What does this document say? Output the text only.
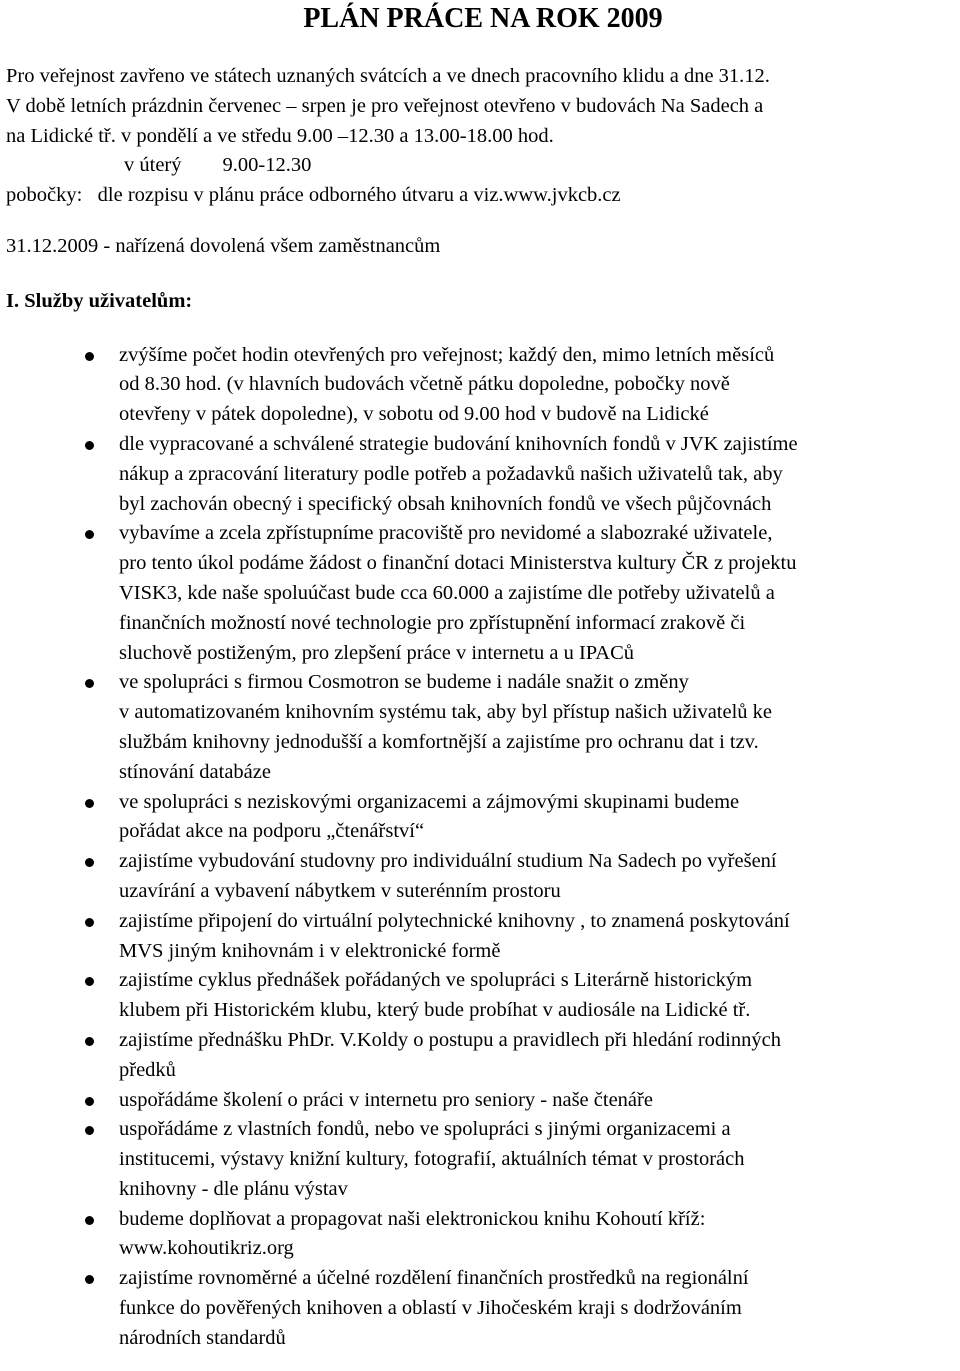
PLÁN PRÁCE NA ROK 2009

Pro veřejnost zavřeno ve státech uznaných svátcích a ve dnech pracovního klidu a dne 31.12.

V době letních prázdnin červenec – srpen je pro veřejnost otevřeno v budovách Na Sadech a

na Lidické tř. v pondělí a ve středu 9.00 –12.30 a 13.00-18.00 hod.

v úterý        9.00-12.30

pobočky:   dle rozpisu v plánu práce odborného útvaru a viz.www.jvkcb.cz

31.12.2009 - nařízená dovolená všem zaměstnancům

I. Služby uživatelům:

zvýšíme počet hodin otevřených pro veřejnost; každý den, mimo letních měsíců
od 8.30 hod. (v hlavních budovách včetně pátku dopoledne, pobočky nově
otevřeny v pátek dopoledne), v sobotu od 9.00 hod v budově na Lidické
dle vypracované a schválené strategie budování knihovních fondů v JVK zajistíme
nákup a zpracování literatury podle potřeb a požadavků našich uživatelů tak, aby
byl zachován obecný i specifický obsah knihovních fondů ve všech půjčovnách
vybavíme a zcela zpřístupníme pracoviště pro nevidomé a slabozraké uživatele,
pro tento úkol podáme žádost o finanční dotaci Ministerstva kultury ČR z projektu
VISK3, kde naše spoluúčast bude cca 60.000 a zajistíme dle potřeby uživatelů a
finančních možností nové technologie pro zpřístupnění informací zrakově či
sluchově postiženým, pro zlepšení práce v internetu a u IPACů
ve spolupráci s firmou Cosmotron se budeme i nadále snažit o změny
v automatizovaném knihovním systému tak, aby byl přístup našich uživatelů ke
službám knihovny jednodušší a komfortnější a zajistíme pro ochranu dat i tzv.
stínování databáze
ve spolupráci s neziskovými organizacemi a zájmovými skupinami budeme
pořádat akce na podporu „čtenářství“
zajistíme vybudování studovny pro individuální studium Na Sadech po vyřešení
uzavírání a vybavení nábytkem v suterénním prostoru
zajistíme připojení do virtuální polytechnické knihovny , to znamená poskytování
MVS jiným knihovnám i v elektronické formě
zajistíme cyklus přednášek pořádaných ve spolupráci s Literárně historickým
klubem při Historickém klubu, který bude probíhat v audiosále na Lidické tř.
zajistíme přednášku PhDr. V.Koldy o postupu a pravidlech při hledání rodinných
předků
uspořádáme školení o práci v internetu pro seniory - naše čtenáře
uspořádáme z vlastních fondů, nebo ve spolupráci s jinými organizacemi a
institucemi, výstavy knižní kultury, fotografií, aktuálních témat v prostorách
knihovny - dle plánu výstav
budeme doplňovat a propagovat naši elektronickou knihu Kohoutí kříž:
www.kohoutikriz.org
zajistíme rovnoměrné a účelné rozdělení finančních prostředků na regionální
funkce do pověřených knihoven a oblastí v Jihočeském kraji s dodržováním
národních standardů
